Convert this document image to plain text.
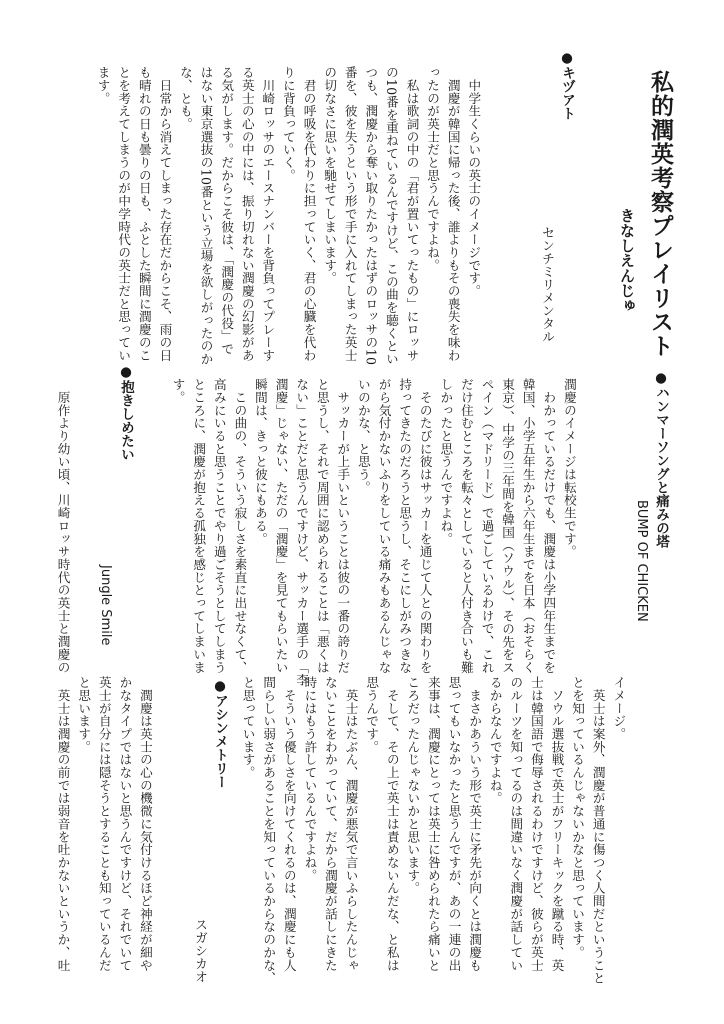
私的潤英考察プレイリスト
きなしえんじゅ
●ハンマーソングと痛みの塔
BUMP OF CHICKEN
潤慶のイメージは転校生です。
　わかっているだけでも、潤慶は小学四年生までを
韓国、小学五年生から六年生までを日本（おそらく
東京）、中学の三年間を韓国（ソウル）、その先をス
ペイン（マドリード）で過ごしているわけで、これ
だけ住むところを転々としていると人付き合いも難
しかったと思うんですよね。
　そのたびに彼はサッカーを通じて人との関わりを
持ってきたのだろうと思うし、そこにしがみつきな
がら気付かないふりをしている痛みもあるんじゃな
いのかな、と思う。
　サッカーが上手いということは彼の一番の誇りだ
と思うし、それで周囲に認められることは「悪くは
ない」ことだと思うんですけど、サッカー選手の「李
潤慶」じゃない、ただの「潤慶」を見てもらいたい
瞬間は、きっと彼にもある。
　この曲の、そういう寂しさを素直に出せなくて、
高みにいると思うことでやり過ごそうとしてしまう
ところに、潤慶が抱える孤独を感じとってしまいま
す。
イメージ。
　英士は案外、潤慶が普通に傷つく人間だということ
とを知っているんじゃないかなと思っています。
　ソウル選抜戦で英士がフリーキックを蹴る時、英
士は韓国語で侮辱されるわけですけど、彼らが英士
のルーツを知ってるのは間違いなく潤慶が話してい
るからなんですよね。
　まさかあういう形で英士に矛先が向くとは潤慶も
思ってもいなかったと思うんですが、あの一連の出
来事は、潤慶にとっては英士に咎められたら痛いと
ころだったんじゃないかと思います。
　そして、その上で英士は責めないんだな、と私は
思うんです。
　英士はたぶん、潤慶が悪気で言いふらしたんじゃ
ないことをわかっていて、だから潤慶が話しにきた
時にはもう許しているんですよね。
　そういう優しさを向けてくれるのは、潤慶にも人
間らしい弱さがあることを知っているからなのかな、
と思っています。
●アシンメトリー
スガシカオ
　潤慶は英士の心の機微に気付けるほど神経が細や
かなタイプではないと思うんですけど、それでいて
英士が自分には隠そうとすることも知っているんだ
と思います。
　英士は潤慶の前では弱音を吐かないというか、吐
●キヅアト
センチミリメンタル
　中学生くらいの英士のイメージです。
　潤慶が韓国に帰った後、誰よりもその喪失を味わ
ったのが英士だと思うんですよね。
　私は歌詞の中の「君が置いてったもの」にロッサ
の10番を重ねているんですけど、この曲を聴くとい
つも、潤慶から奪い取りたかったはずのロッサの10
番を、彼を失うという形で手に入れてしまった英士
の切なさに思いを馳せてしまいます。
　君の呼吸を代わりに担っていく、君の心臓を代わ
りに背負っていく。
　川崎ロッサのエースナンバーを背負ってプレーす
る英士の心の中には、振り切れない潤慶の幻影があ
る気がします。だからこそ彼は、「潤慶の代役」で
はない東京選抜の10番という立場を欲しがったのか
な、とも。
　日常から消えてしまった存在だからこそ、雨の日
も晴れの日も曇りの日も、ふとした瞬間に潤慶のこ
とを考えてしまうのが中学時代の英士だと思ってい
ます。
●抱きしめたい
Jungle Smile
　原作より幼い頃、川崎ロッサ時代の英士と潤慶の
